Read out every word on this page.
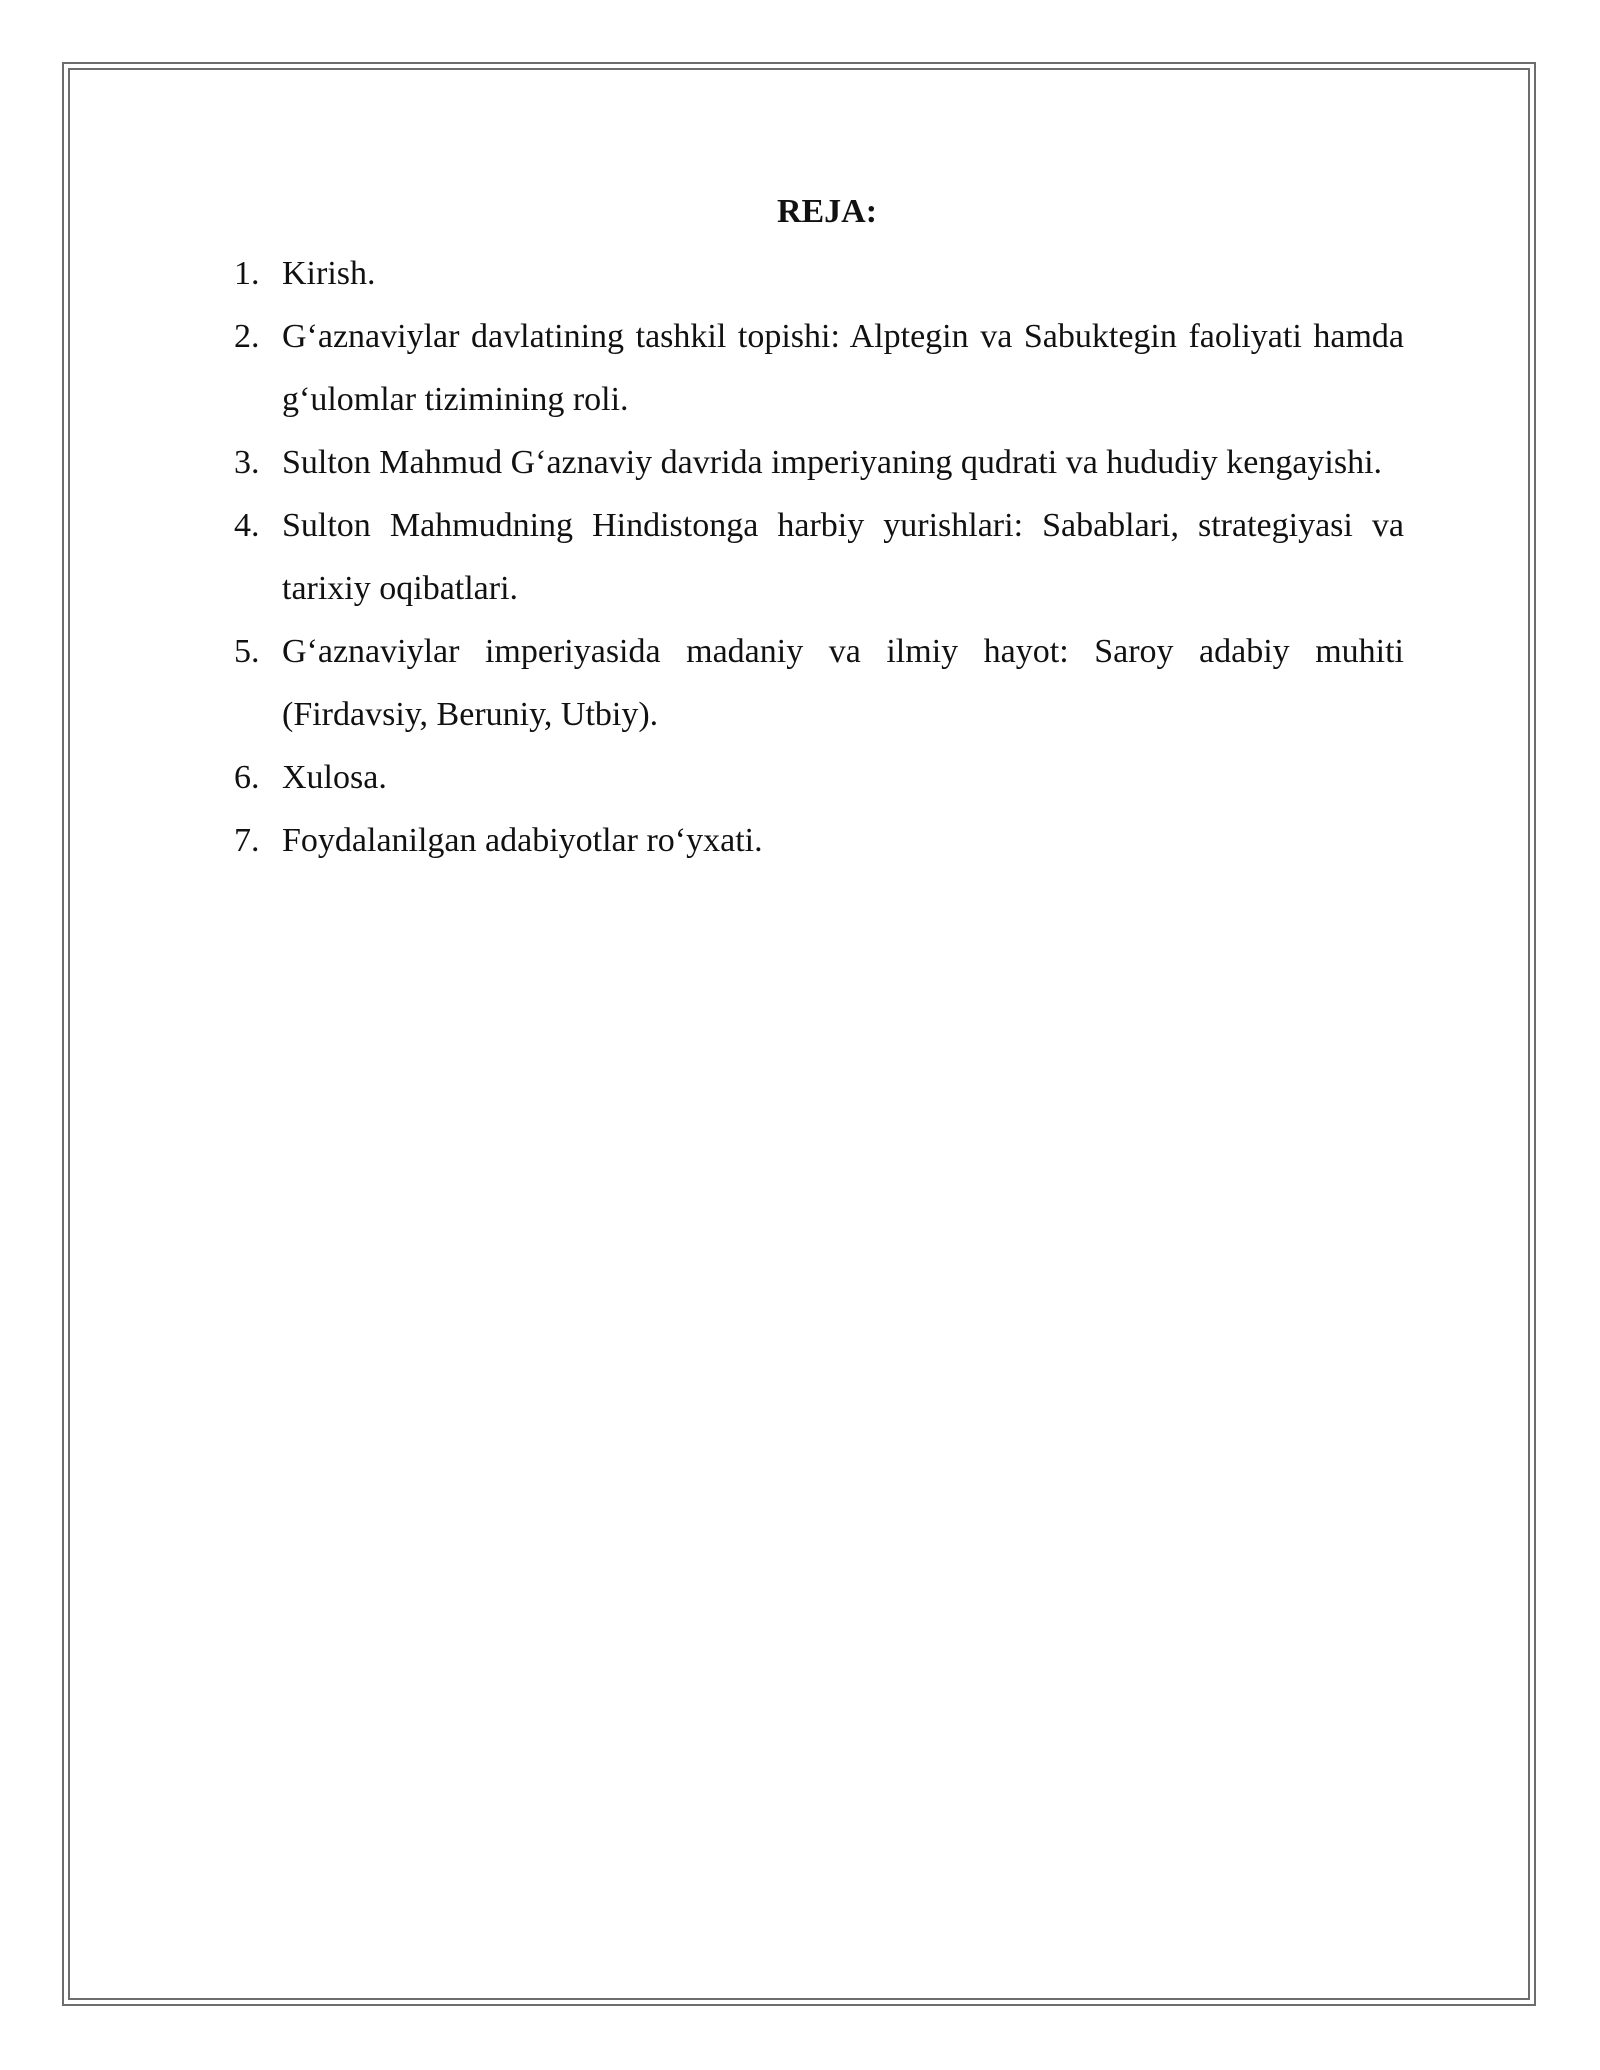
REJA:
1. Kirish.
2. G‘aznaviylar davlatining tashkil topishi: Alptegin va Sabuktegin faoliyati hamda g‘ulomlar tizimining roli.
3. Sulton Mahmud G‘aznaviy davrida imperiyaning qudrati va hududiy kengayishi.
4. Sulton Mahmudning Hindistonga harbiy yurishlari: Sabablari, strategiyasi va tarixiy oqibatlari.
5. G‘aznaviylar imperiyasida madaniy va ilmiy hayot: Saroy adabiy muhiti (Firdavsiy, Beruniy, Utbiy).
6. Xulosa.
7. Foydalanilgan adabiyotlar ro‘yxati.
